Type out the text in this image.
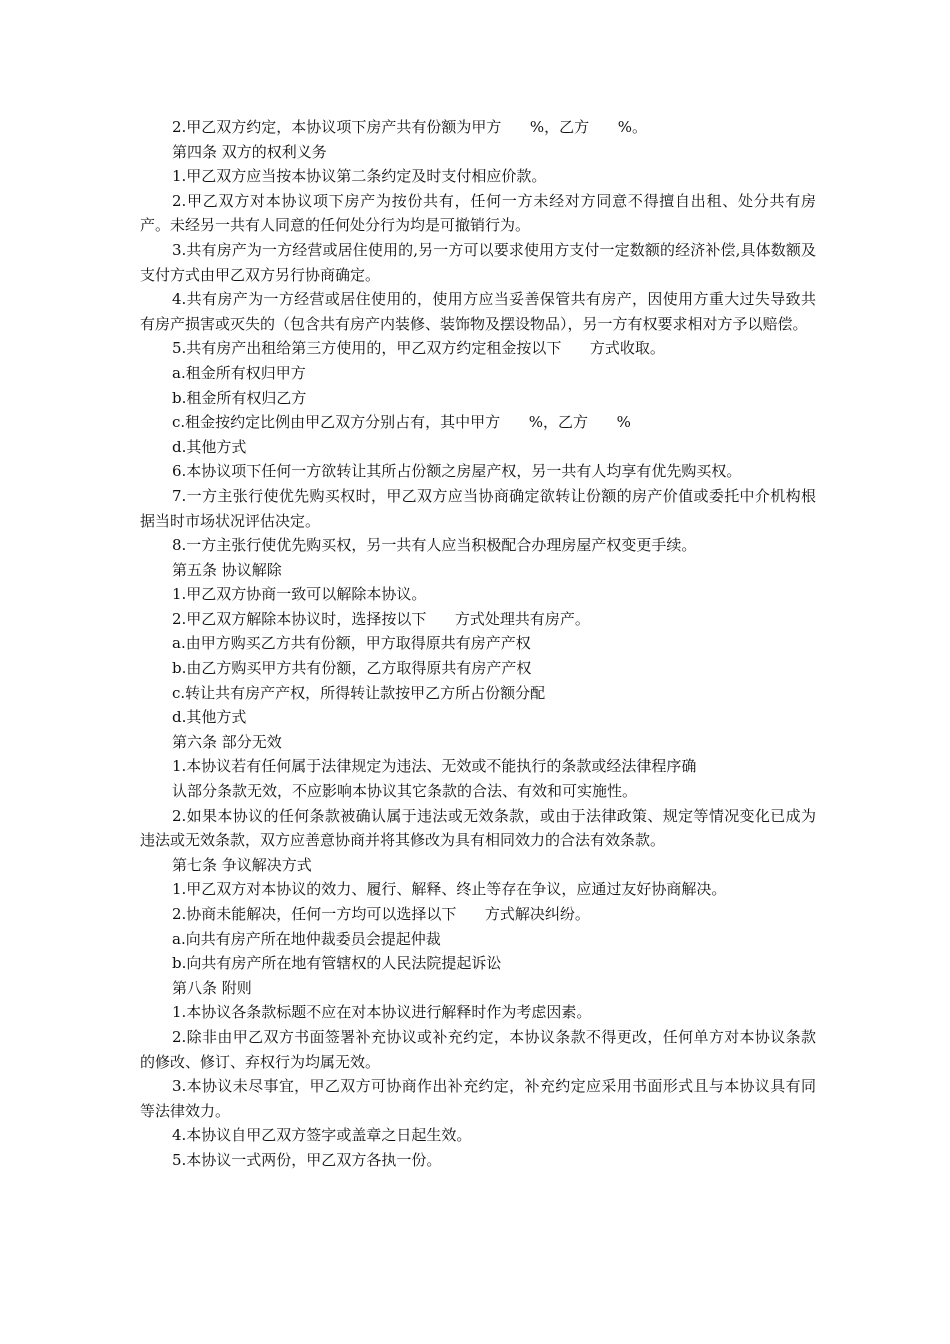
2.甲乙双方约定，本协议项下房产共有份额为甲方      %，乙方      %。

第四条 双方的权利义务

1.甲乙双方应当按本协议第二条约定及时支付相应价款。

2.甲乙双方对本协议项下房产为按份共有，任何一方未经对方同意不得擅自出租、处分共有房产。未经另一共有人同意的任何处分行为均是可撤销行为。

3.共有房产为一方经营或居住使用的,另一方可以要求使用方支付一定数额的经济补偿,具体数额及支付方式由甲乙双方另行协商确定。

4.共有房产为一方经营或居住使用的，使用方应当妥善保管共有房产，因使用方重大过失导致共有房产损害或灭失的（包含共有房产内装修、装饰物及摆设物品），另一方有权要求相对方予以赔偿。

5.共有房产出租给第三方使用的，甲乙双方约定租金按以下      方式收取。

a.租金所有权归甲方

b.租金所有权归乙方

c.租金按约定比例由甲乙双方分别占有，其中甲方      %，乙方      %

d.其他方式

6.本协议项下任何一方欲转让其所占份额之房屋产权，另一共有人均享有优先购买权。

7.一方主张行使优先购买权时，甲乙双方应当协商确定欲转让份额的房产价值或委托中介机构根据当时市场状况评估决定。

8.一方主张行使优先购买权，另一共有人应当积极配合办理房屋产权变更手续。

第五条 协议解除

1.甲乙双方协商一致可以解除本协议。

2.甲乙双方解除本协议时，选择按以下      方式处理共有房产。

a.由甲方购买乙方共有份额，甲方取得原共有房产产权

b.由乙方购买甲方共有份额，乙方取得原共有房产产权

c.转让共有房产产权，所得转让款按甲乙方所占份额分配

d.其他方式

第六条 部分无效

1.本协议若有任何属于法律规定为违法、无效或不能执行的条款或经法律程序确

认部分条款无效，不应影响本协议其它条款的合法、有效和可实施性。

2.如果本协议的任何条款被确认属于违法或无效条款，或由于法律政策、规定等情况变化已成为违法或无效条款，双方应善意协商并将其修改为具有相同效力的合法有效条款。

第七条 争议解决方式

1.甲乙双方对本协议的效力、履行、解释、终止等存在争议，应通过友好协商解决。

2.协商未能解决，任何一方均可以选择以下      方式解决纠纷。

a.向共有房产所在地仲裁委员会提起仲裁

b.向共有房产所在地有管辖权的人民法院提起诉讼

第八条 附则

1.本协议各条款标题不应在对本协议进行解释时作为考虑因素。

2.除非由甲乙双方书面签署补充协议或补充约定，本协议条款不得更改，任何单方对本协议条款的修改、修订、弃权行为均属无效。

3.本协议未尽事宜，甲乙双方可协商作出补充约定，补充约定应采用书面形式且与本协议具有同等法律效力。

4.本协议自甲乙双方签字或盖章之日起生效。

5.本协议一式两份，甲乙双方各执一份。
